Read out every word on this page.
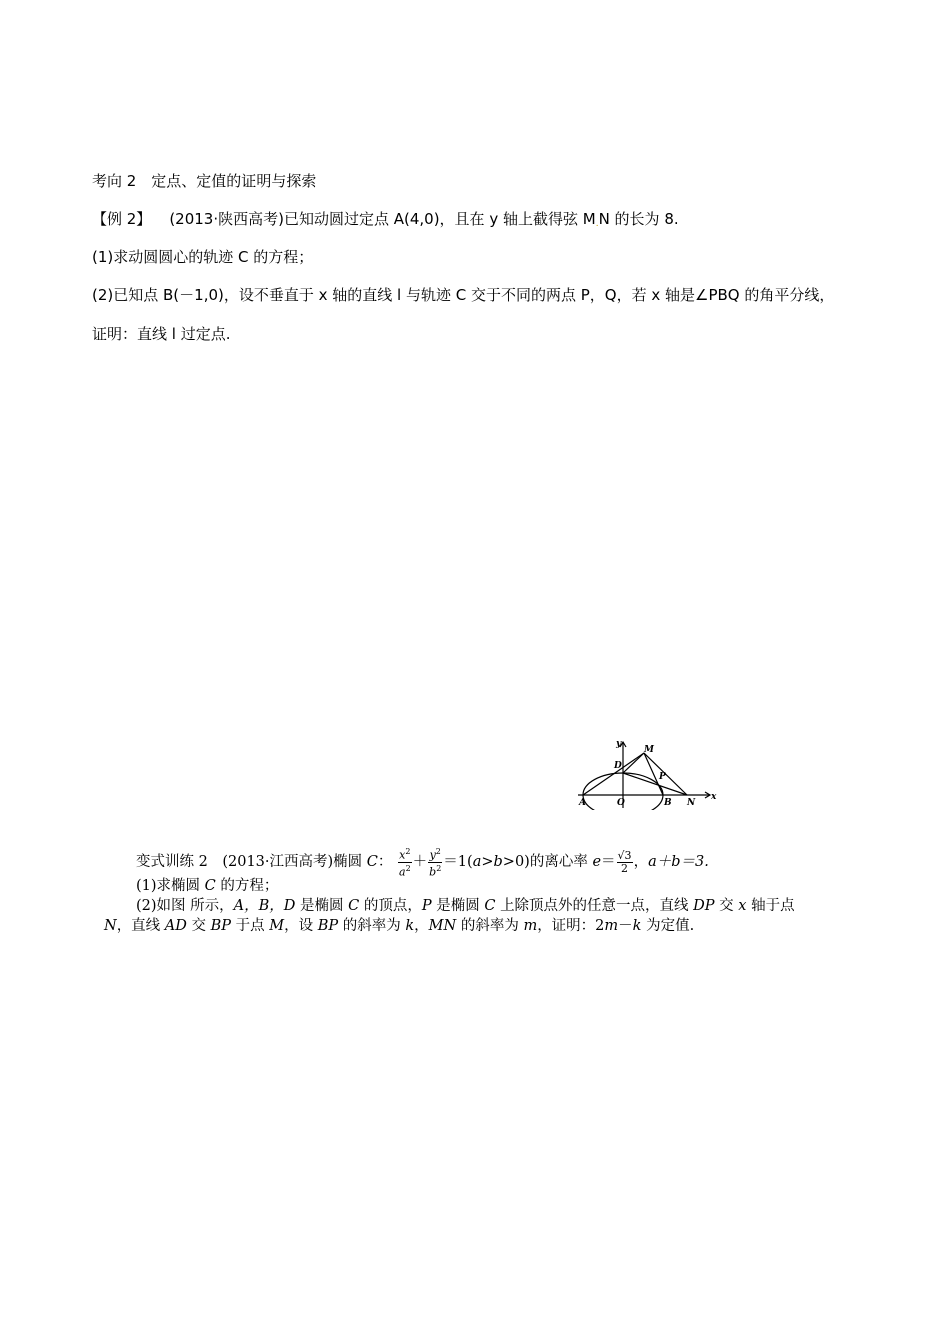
考向 2　定点、定值的证明与探索
【例 2】 (2013·陕西高考)已知动圆过定点 A(4,0)，且在 y 轴上截得弦 M.N 的长为 8.
(1)求动圆圆心的轨迹 C 的方程；
(2)已知点 B(－1,0)，设不垂直于 x 轴的直线 l 与轨迹 C 交于不同的两点 P，Q，若 x 轴是∠PBQ 的角平分线，
证明：直线 l 过定点.
y
x
M
D
P
A	O	B N
变式训练 2　(2013·江西高考)椭圆 C： $\frac{x^2}{a^2} + \frac{y^2}{b^2} =1(a>b>0)$的离心率 $e= \frac{√3}{2}$ ，a＋b＝3.
(1)求椭圆 C 的方程；
(2)如图 所示，A，B，D 是椭圆 C 的顶点，P 是椭圆 C 上除顶点外的任意一点，直线 DP 交 x 轴于点
N，直线 AD 交 BP 于点 M，设 BP 的斜率为 k，MN 的斜率为 m，证明：2m－k 为定值.
